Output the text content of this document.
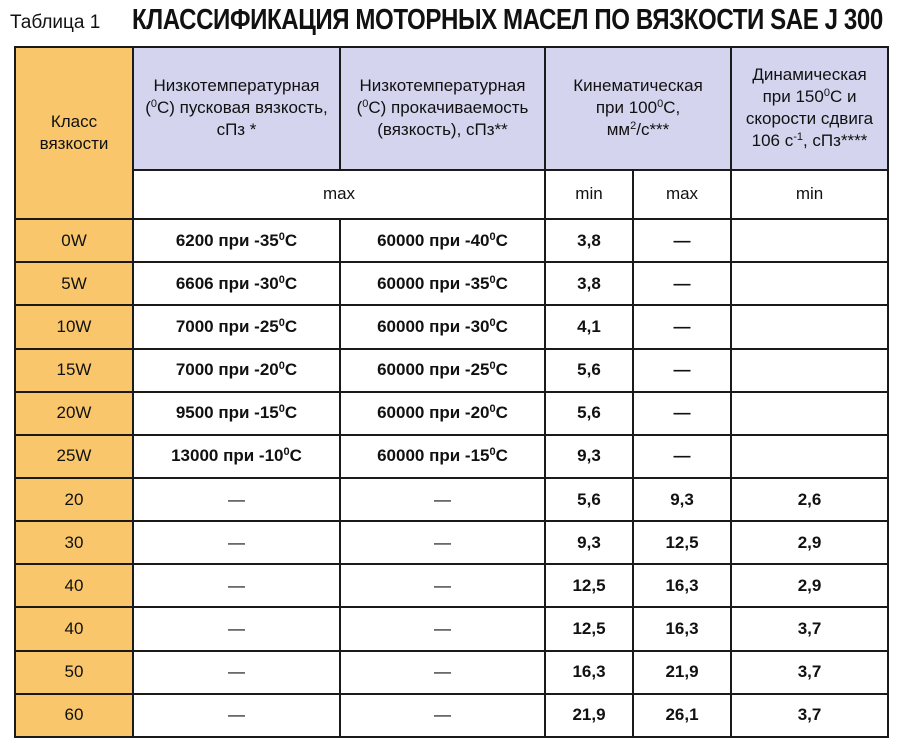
Таблица 1 КЛАССИФИКАЦИЯ МОТОРНЫХ МАСЕЛ ПО ВЯЗКОСТИ SAE J 300
Класс
вязкости	Низкотемпературная
($^0$С) пусковая вязкость,
сПз *	Низкотемпературная
($^0$С) прокачиваемость
(вязкость), сПз**	Кинематическая
при $100^0С$,
$мм^2/с***$		Динамическая
при $150^0С$ и
скорости сдвига
106 $с^{-1}$, сПз****
	max		min	max	min
0W	6200 при $-35^0С$	60000 при $-40^0С$	3,8	—	
5W	6606 при $-30^0С$	60000 при $-35^0С$	3,8	—	
10W	7000 при $-25^0С$	60000 при $-30^0С$	4,1	—	
15W	7000 при $-20^0С$	60000 при $-25^0С$	5,6	—	
20W	9500 при $-15^0С$	60000 при $-20^0С$	5,6	—	
25W	13000 при $-10^0С$	60000 при $-15^0С$	9,3	—	
20	—	—	5,6	9,3	2,6
30	—	—	9,3	12,5	2,9
40	—	—	12,5	16,3	2,9
40	—	—	12,5	16,3	3,7
50	—	—	16,3	21,9	3,7
60	—	—	21,9	26,1	3,7
